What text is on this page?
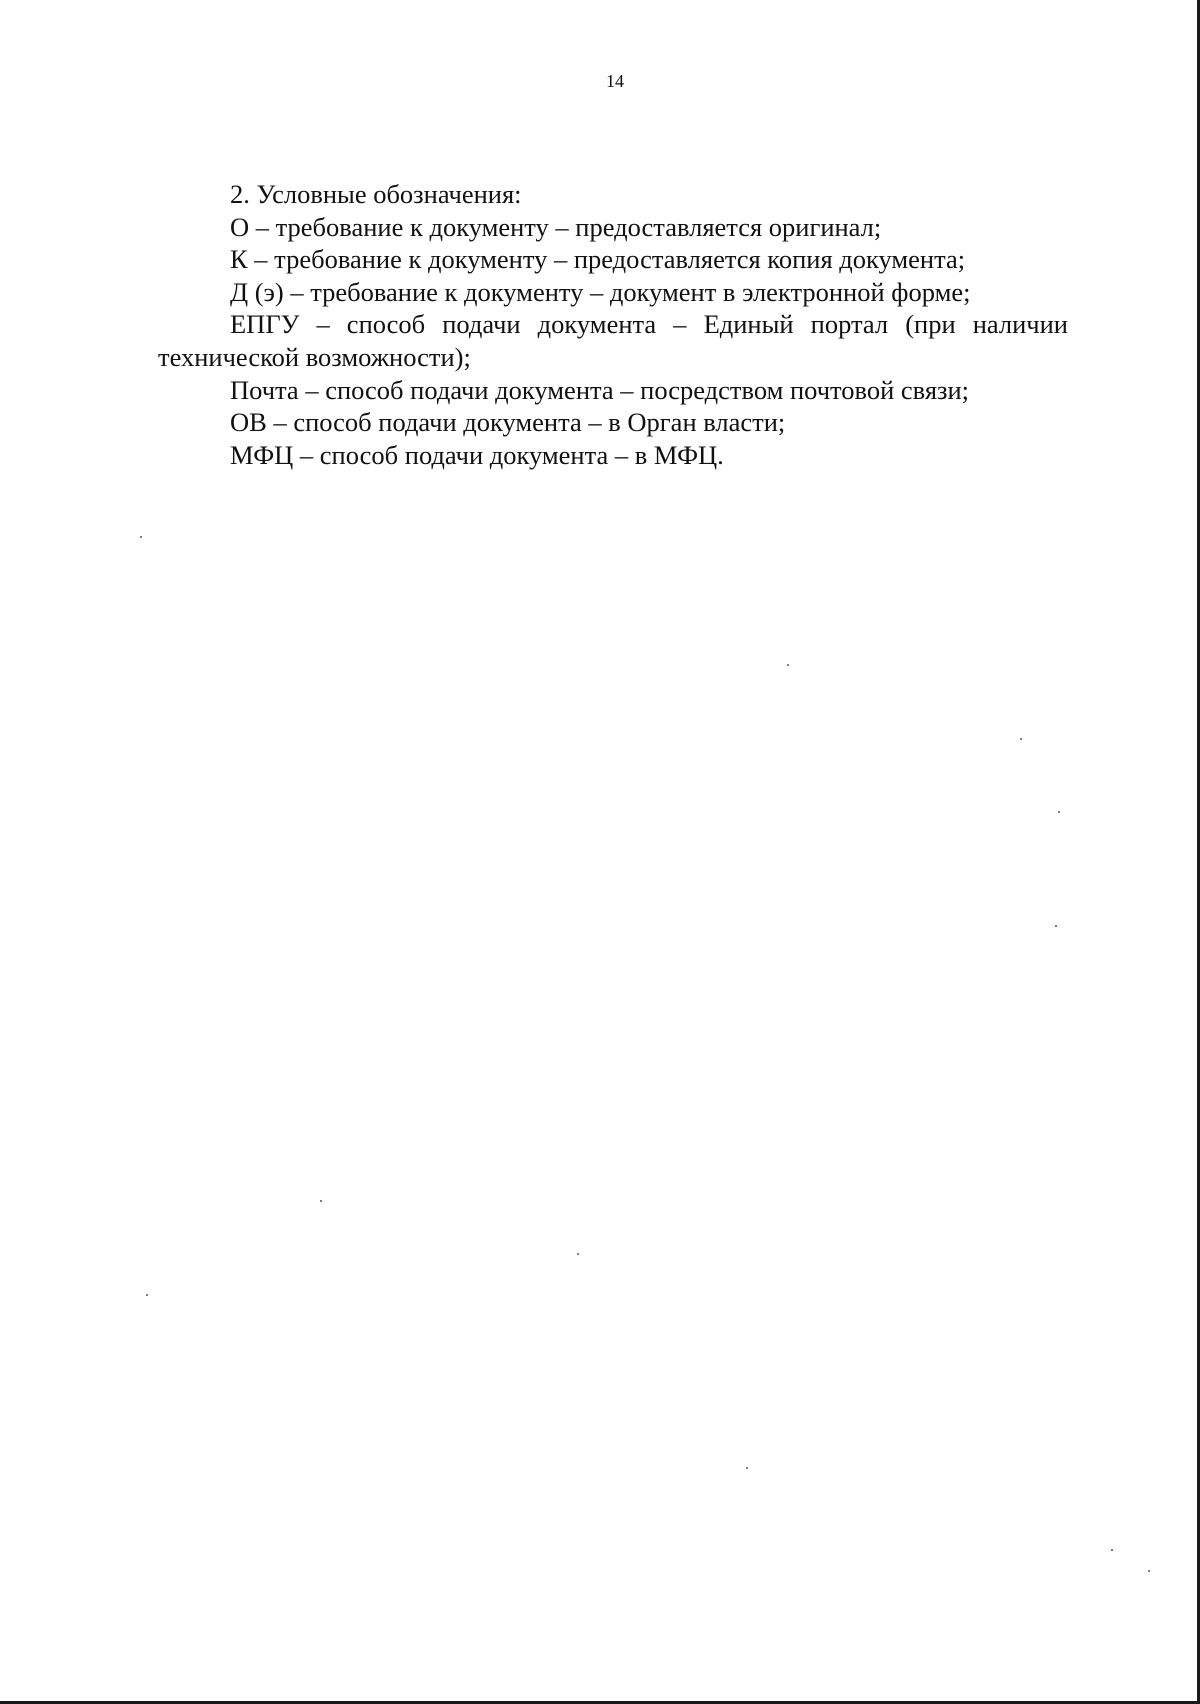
14
2. Условные обозначения:
О – требование к документу – предоставляется оригинал;
К – требование к документу – предоставляется копия документа;
Д (э) – требование к документу – документ в электронной форме;
ЕПГУ – способ подачи документа – Единый портал (при наличии
технической возможности);
Почта – способ подачи документа – посредством почтовой связи;
ОВ – способ подачи документа – в Орган власти;
МФЦ – способ подачи документа – в МФЦ.
